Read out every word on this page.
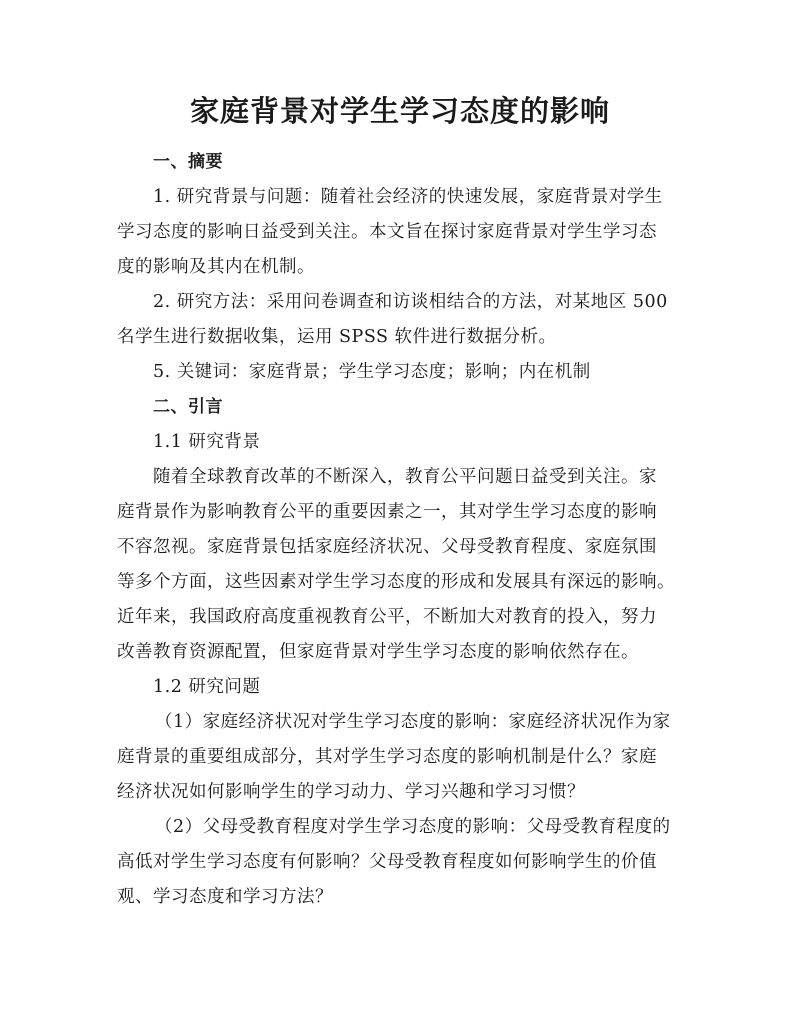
家庭背景对学生学习态度的影响
一、摘要
1. 研究背景与问题：随着社会经济的快速发展，家庭背景对学生
学习态度的影响日益受到关注。本文旨在探讨家庭背景对学生学习态
度的影响及其内在机制。
2. 研究方法：采用问卷调查和访谈相结合的方法，对某地区 500
名学生进行数据收集，运用 SPSS 软件进行数据分析。
5. 关键词：家庭背景；学生学习态度；影响；内在机制
二、引言
1.1 研究背景
随着全球教育改革的不断深入，教育公平问题日益受到关注。家
庭背景作为影响教育公平的重要因素之一，其对学生学习态度的影响
不容忽视。家庭背景包括家庭经济状况、父母受教育程度、家庭氛围
等多个方面，这些因素对学生学习态度的形成和发展具有深远的影响。
近年来，我国政府高度重视教育公平，不断加大对教育的投入，努力
改善教育资源配置，但家庭背景对学生学习态度的影响依然存在。
1.2 研究问题
（1）家庭经济状况对学生学习态度的影响：家庭经济状况作为家
庭背景的重要组成部分，其对学生学习态度的影响机制是什么？家庭
经济状况如何影响学生的学习动力、学习兴趣和学习习惯？
（2）父母受教育程度对学生学习态度的影响：父母受教育程度的
高低对学生学习态度有何影响？父母受教育程度如何影响学生的价值
观、学习态度和学习方法？
